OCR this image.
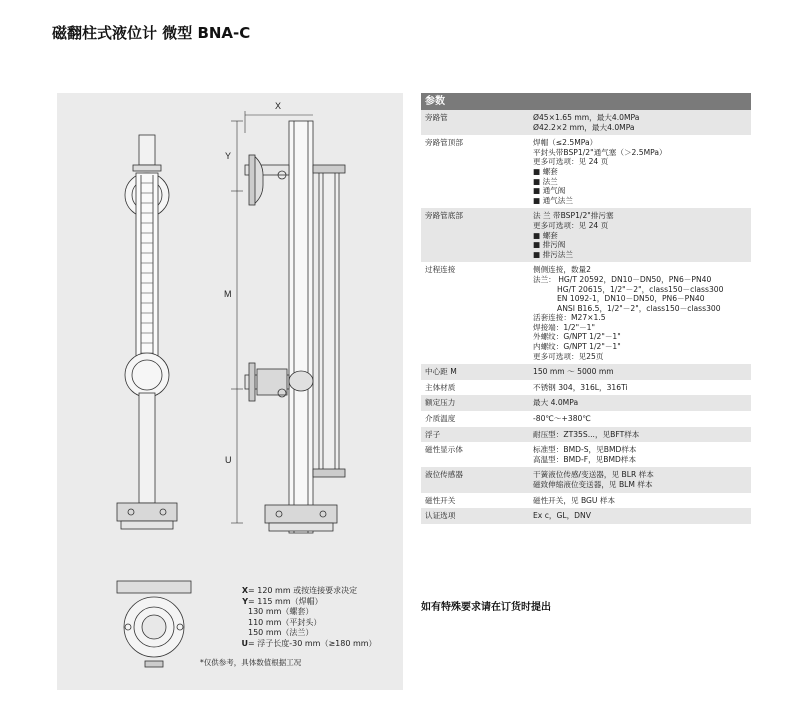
磁翻柱式液位计 微型 BNA-C
X
Y
M
U
X= 120 mm 或按连接要求决定
Y= 115 mm（焊帽）
130 mm（螺套）
110 mm（平封头）
150 mm（法兰）
U= 浮子长度-30 mm（≥180 mm）
*仅供参考，具体数值根据工况
参数
旁路管	Ø45×1.65 mm，最大4.0MPa
Ø42.2×2 mm，最大4.0MPa
旁路管顶部	焊帽（≤2.5MPa）
平封头带BSP1/2"通气塞（＞2.5MPa）
更多可选项：见 24 页
■ 螺套
■ 法兰
■ 通气阀
■ 通气法兰
旁路管底部	法 兰 带BSP1/2"排污塞
更多可选项：见 24 页
■ 螺套
■ 排污阀
■ 排污法兰
过程连接	侧侧连接，数量2
法兰： HG/T 20592，DN10－DN50，PN6－PN40
HG/T 20615，1/2"－2"，class150－class300
EN 1092-1，DN10－DN50，PN6－PN40
ANSI B16.5，1/2"－2"，class150－class300
活套连接：M27×1.5
焊接端：1/2"－1"
外螺纹：G/NPT 1/2"－1"
内螺纹：G/NPT 1/2"－1"
更多可选项：见25页
中心距 M	150 mm ～ 5000 mm
主体材质	不锈钢 304，316L，316Ti
额定压力	最大 4.0MPa
介质温度	-80℃～+380℃
浮子	耐压型：ZT35S...，见BFT样本
磁性显示体	标准型：BMD-S，见BMD样本
高温型：BMD-F，见BMD样本
液位传感器	干簧液位传感/变送器，见 BLR 样本
磁致伸缩液位变送器，见 BLM 样本
磁性开关	磁性开关，见 BGU 样本
认证选项	Ex c，GL，DNV
如有特殊要求请在订货时提出
